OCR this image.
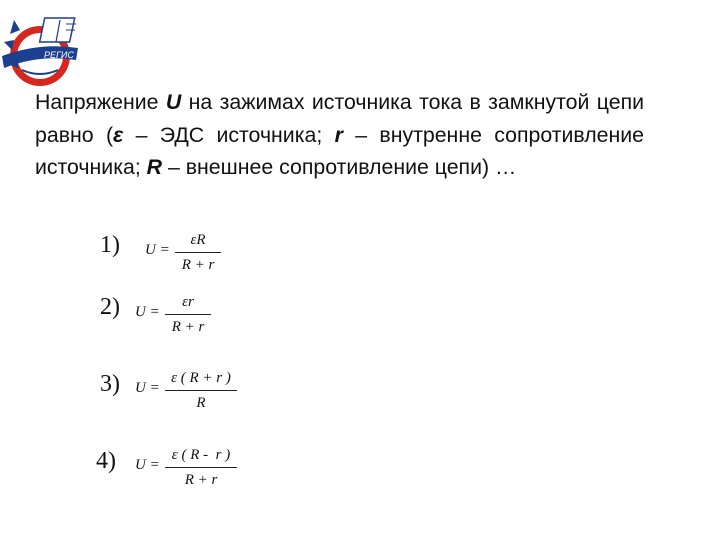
РЕГИС
Напряжение U на зажимах источника тока в замкнутой цепи равно (ε – ЭДС источника; r – внутренне сопротивление источника; R – внешнее сопротивление цепи) …
1) U =
εR
R + r
2) U =
εr
R + r
3) U =
ε ( R + r )
R
4) U =
ε ( R -  r )
R + r
